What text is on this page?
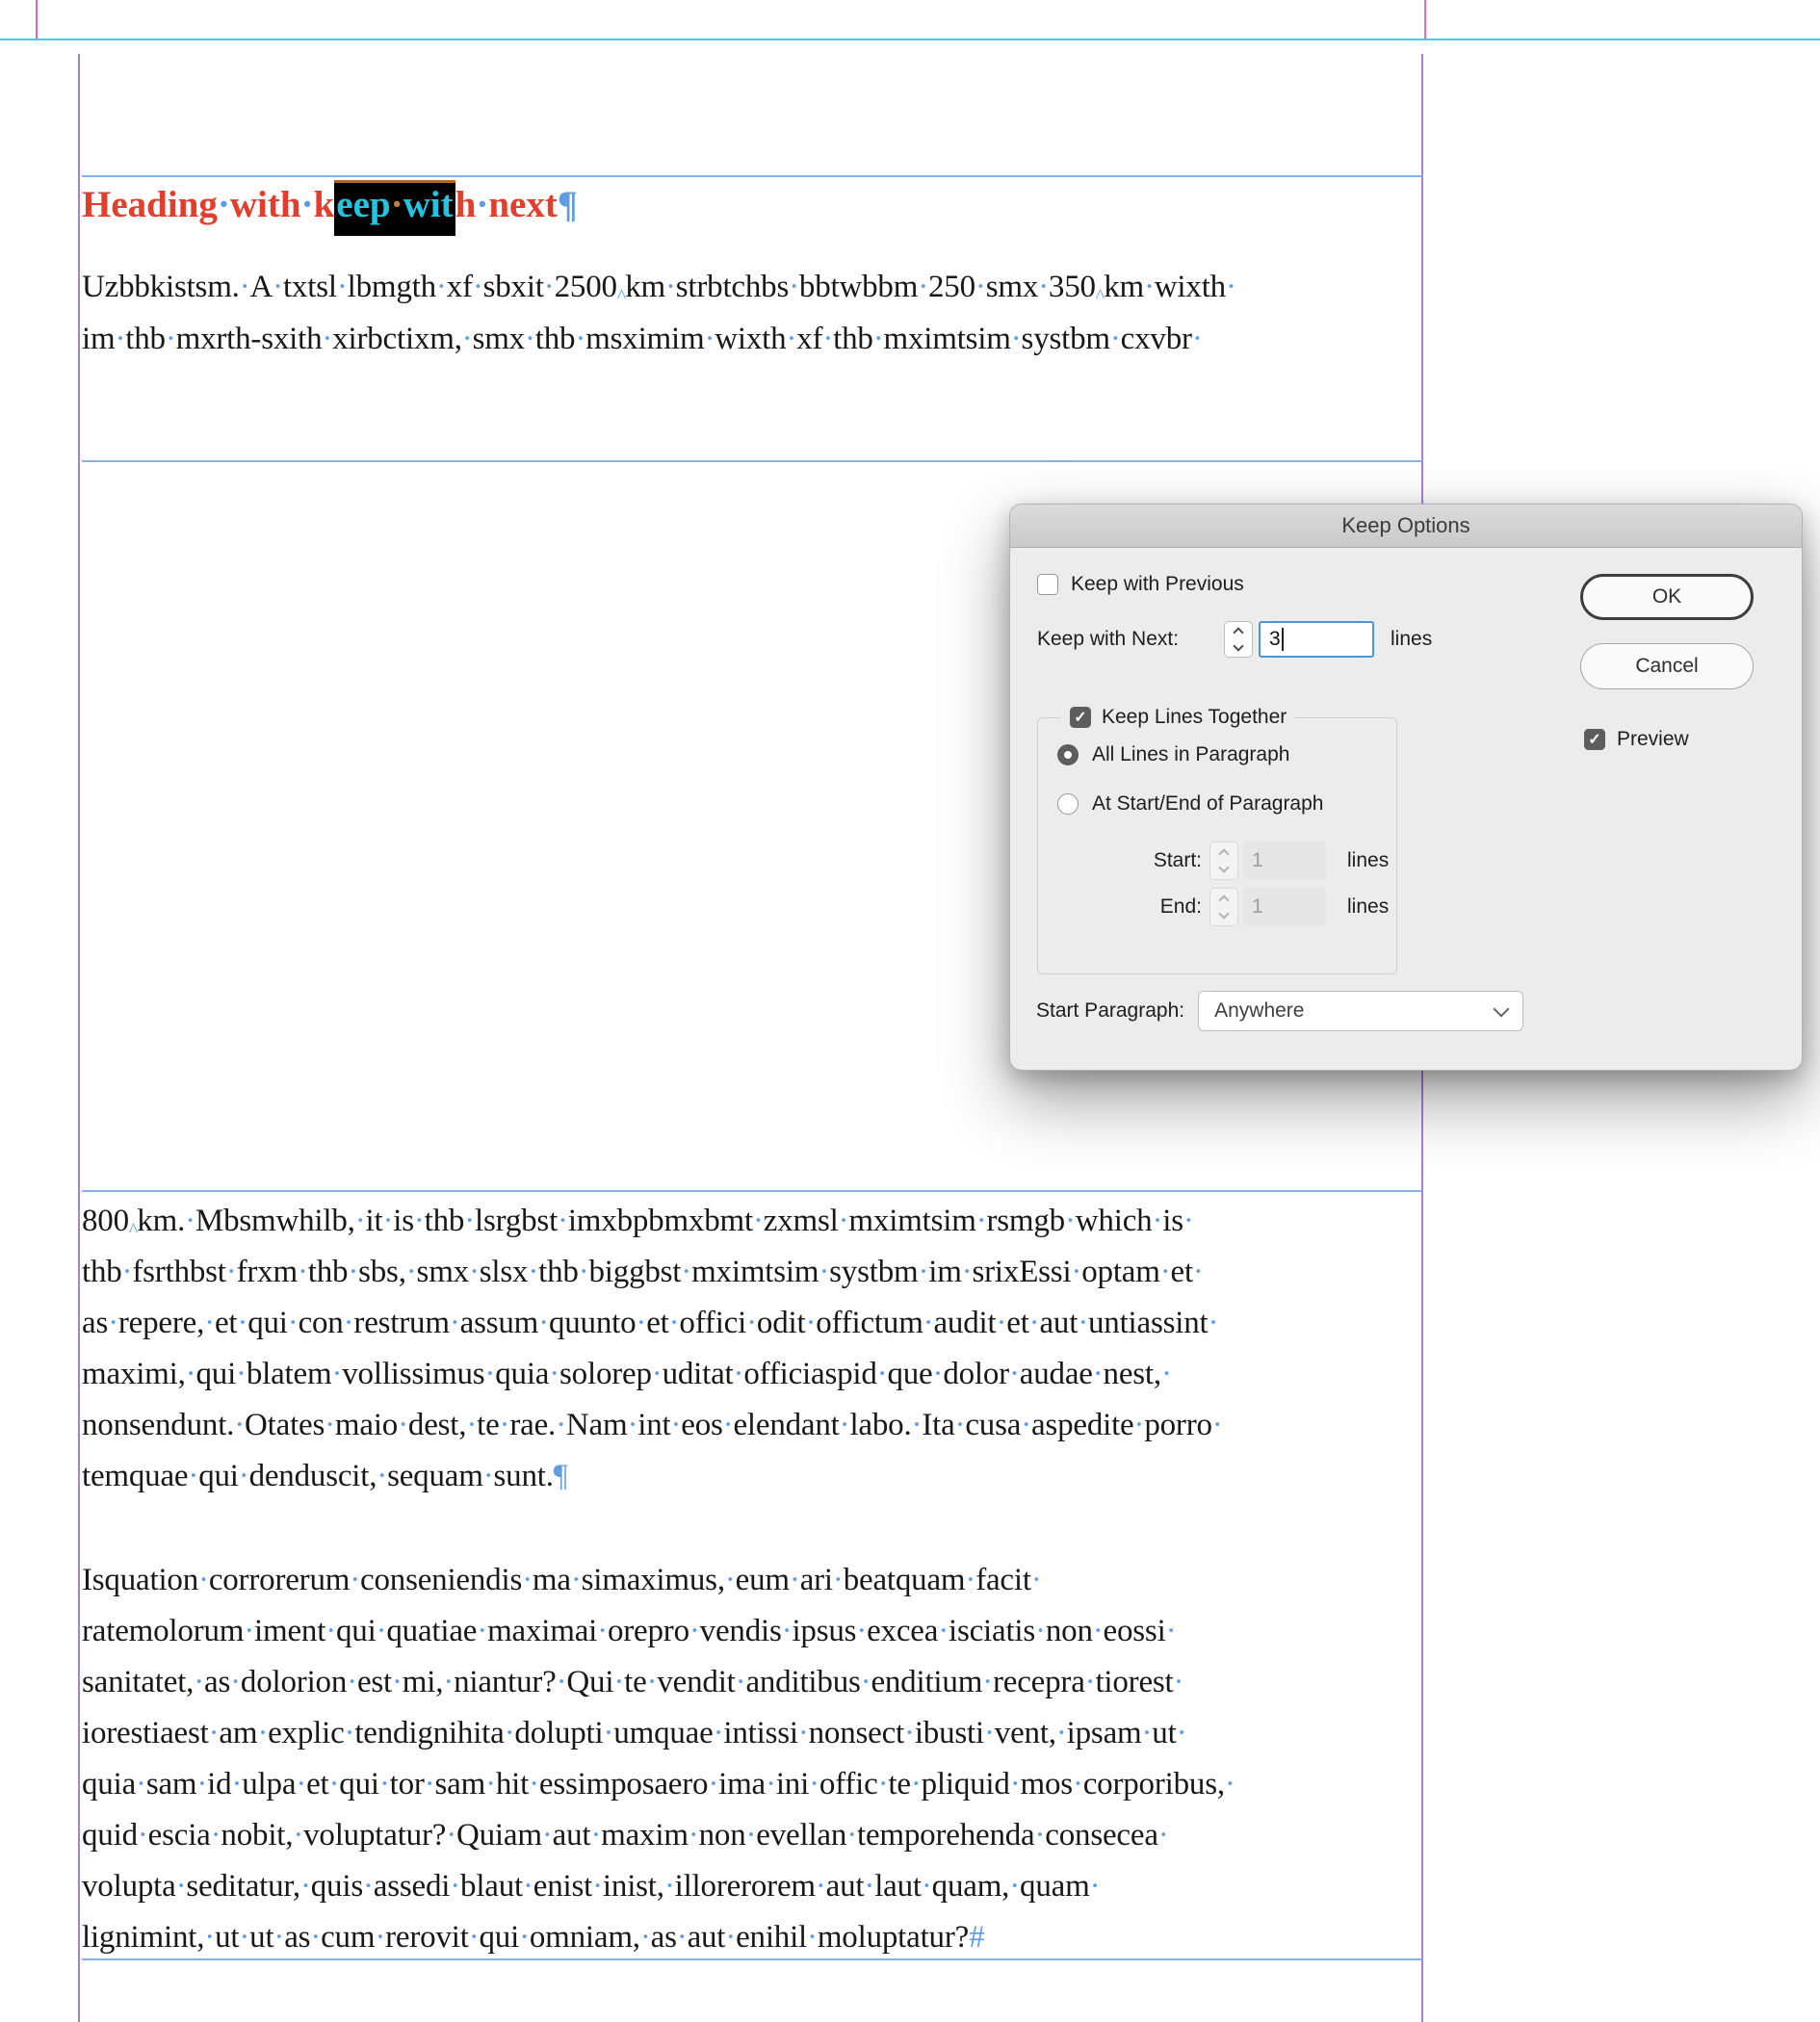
Heading·with·keep·with·next¶
Uzbbkistsm.·A·txtsl·lbmgth·xf·sbxit·2500^km·strbtchbs·bbtwbbm·250·smx·350^km·wixth·
im·thb·mxrth-sxith·xirbctixm,·smx·thb·msximim·wixth·xf·thb·mximtsim·systbm·cxvbr·
Keep Options
Keep with Previous
Keep with Next:	3	lines
OK
Cancel
✓ Preview
✓ Keep Lines Together
All Lines in Paragraph
At Start/End of Paragraph
Start: 1	lines
End: 1	lines
Start Paragraph: Anywhere
800^km.·Mbsmwhilb,·it·is·thb·lsrgbst·imxbpbmxbmt·zxmsl·mximtsim·rsmgb·which·is·
thb·fsrthbst·frxm·thb·sbs,·smx·slsx·thb·biggbst·mximtsim·systbm·im·srixEssi·optam·et·
as·repere,·et·qui·con·restrum·assum·quunto·et·offici·odit·offictum·audit·et·aut·untiassint·
maximi,·qui·blatem·vollissimus·quia·solorep·uditat·officiaspid·que·dolor·audae·nest,·
nonsendunt.·Otates·maio·dest,·te·rae.·Nam·int·eos·elendant·labo.·Ita·cusa·aspedite·porro·
temquae·qui·denduscit,·sequam·sunt.¶
Isquation·corrorerum·conseniendis·ma·simaximus,·eum·ari·beatquam·facit·
ratemolorum·iment·qui·quatiae·maximai·orepro·vendis·ipsus·excea·isciatis·non·eossi·
sanitatet,·as·dolorion·est·mi,·niantur?·Qui·te·vendit·anditibus·enditium·recepra·tiorest·
iorestiaest·am·explic·tendignihita·dolupti·umquae·intissi·nonsect·ibusti·vent,·ipsam·ut·
quia·sam·id·ulpa·et·qui·tor·sam·hit·essimposaero·ima·ini·offic·te·pliquid·mos·corporibus,·
quid·escia·nobit,·voluptatur?·Quiam·aut·maxim·non·evellan·temporehenda·consecea·
volupta·seditatur,·quis·assedi·blaut·enist·inist,·illorerorem·aut·laut·quam,·quam·
lignimint,·ut·ut·as·cum·rerovit·qui·omniam,·as·aut·enihil·moluptatur?#
